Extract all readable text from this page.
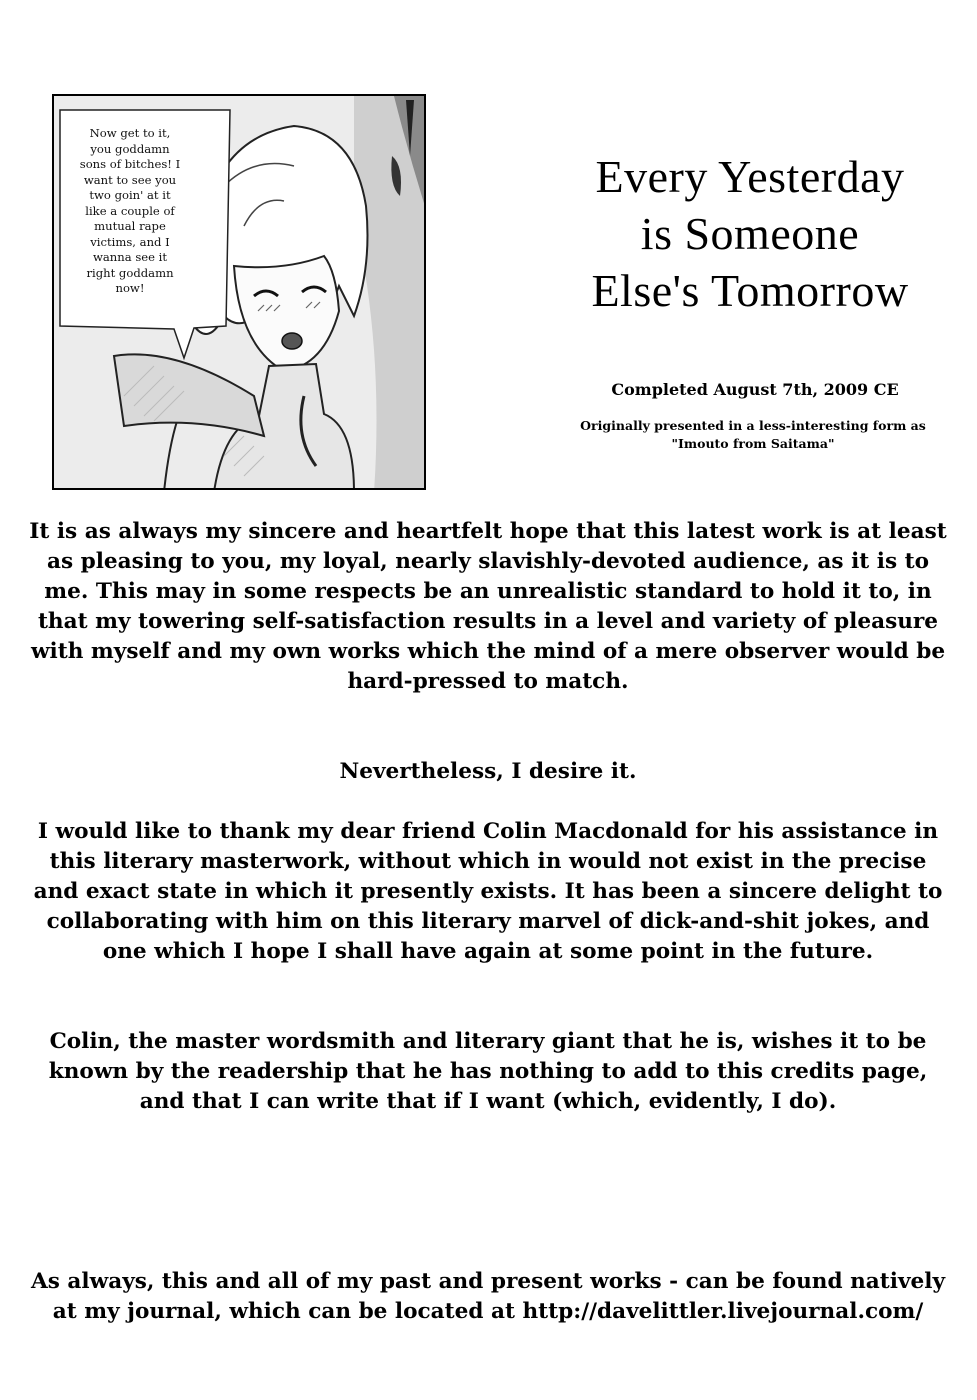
Now get to it,
you goddamn
sons of bitches! I
want to see you
two goin' at it
like a couple of
mutual rape
victims, and I
wanna see it
right goddamn
now!
Every Yesterday
is Someone
Else's Tomorrow
Completed August 7th, 2009 CE
Originally presented in a less-interesting form as
"Imouto from Saitama"

It is as always my sincere and heartfelt hope that this latest work is at least as pleasing to you, my loyal, nearly slavishly-devoted audience, as it is to me. This may in some respects be an unrealistic standard to hold it to, in that my towering self-satisfaction results in a level and variety of pleasure with myself and my own works which the mind of a mere observer would be hard-pressed to match.

Nevertheless, I desire it.

I would like to thank my dear friend Colin Macdonald for his assistance in this literary masterwork, without which in would not exist in the precise and exact state in which it presently exists. It has been a sincere delight to collaborating with him on this literary marvel of dick-and-shit jokes, and one which I hope I shall have again at some point in the future.

Colin, the master wordsmith and literary giant that he is, wishes it to be known by the readership that he has nothing to add to this credits page, and that I can write that if I want (which, evidently, I do).

As always, this and all of my past and present works - can be found natively at my journal, which can be located at http://davelittler.livejournal.com/
